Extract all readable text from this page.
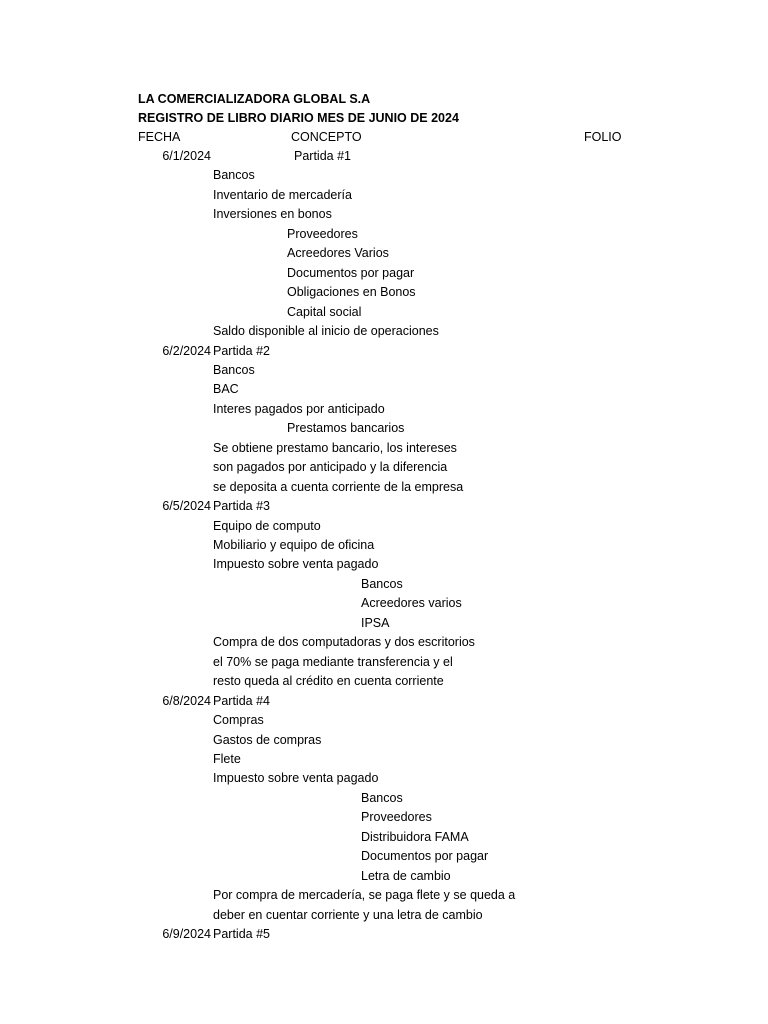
LA COMERCIALIZADORA GLOBAL S.A
REGISTRO DE LIBRO DIARIO MES DE JUNIO DE 2024
FECHA	CONCEPTO	FOLIO
6/1/2024	Partida #1
Bancos
Inventario de mercadería
Inversiones en bonos
Proveedores
Acreedores Varios
Documentos por pagar
Obligaciones en Bonos
Capital social
Saldo disponible al inicio de operaciones
6/2/2024 Partida #2
Bancos
BAC
Interes pagados por anticipado
Prestamos bancarios
Se obtiene prestamo bancario, los intereses
son pagados por anticipado y la diferencia
se deposita a cuenta corriente de la empresa
6/5/2024 Partida #3
Equipo de computo
Mobiliario y equipo de oficina
Impuesto sobre venta pagado
Bancos
Acreedores varios
IPSA
Compra de dos computadoras y dos escritorios
el 70% se paga mediante transferencia y el
resto queda al crédito en cuenta corriente
6/8/2024 Partida #4
Compras
Gastos de compras
Flete
Impuesto sobre venta pagado
Bancos
Proveedores
Distribuidora FAMA
Documentos por pagar
Letra de cambio
Por compra de mercadería, se paga flete y se queda a
deber en cuentar corriente y una letra de cambio
6/9/2024 Partida #5
